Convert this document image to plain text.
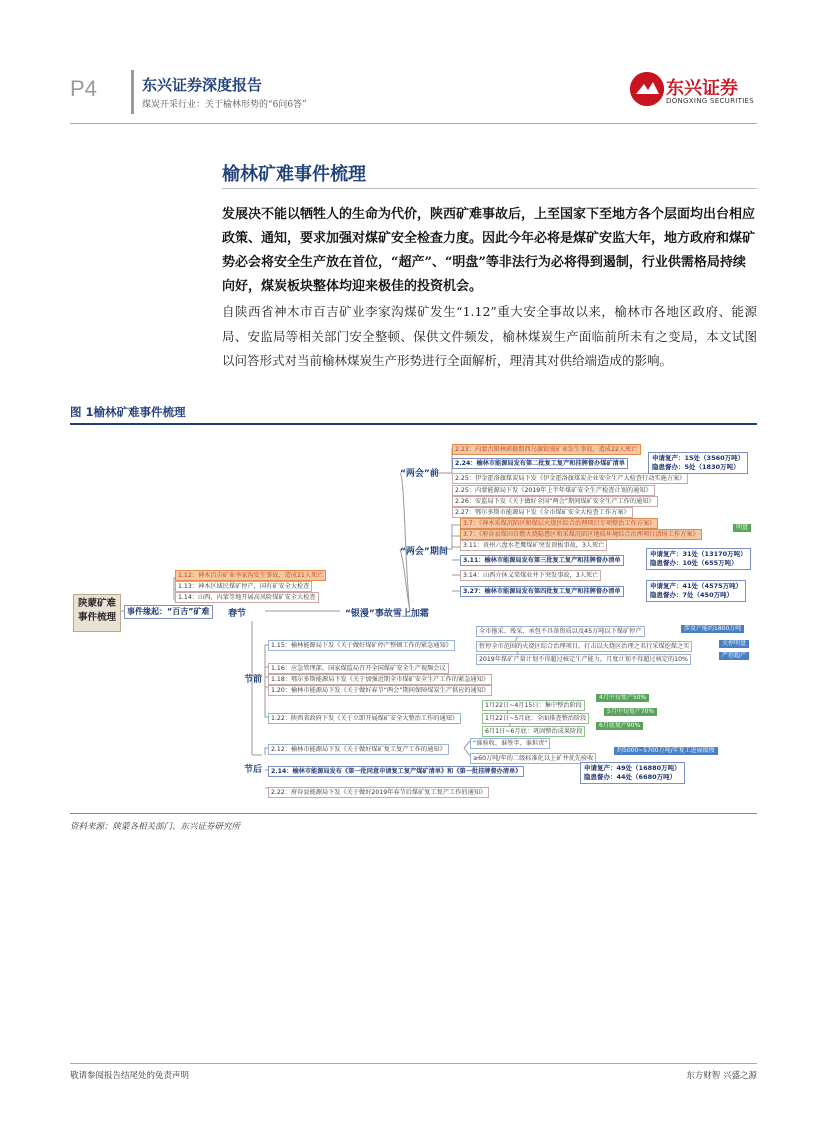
P4	东兴证券深度报告
煤炭开采行业：关于榆林形势的“6问6答”
东兴证券
DONGXING SECURITIES
榆林矿难事件梳理
发展决不能以牺牲人的生命为代价，陕西矿难事故后，上至国家下至地方各个层面均出台相应政策、通知，要求加强对煤矿安全检查力度。因此今年必将是煤矿安监大年，地方政府和煤矿势必会将安全生产放在首位，“超产”、“明盘”等非法行为必将得到遏制，行业供需格局持续向好，煤炭板块整体均迎来极佳的投资机会。
自陕西省神木市百吉矿业李家沟煤矿发生“1.12”重大安全事故以来，榆林市各地区政府、能源局、安监局等相关部门安全整顿、保供文件频发，榆林煤炭生产面临前所未有之变局，本文试图以问答形式对当前榆林煤炭生产形势进行全面解析，理清其对供给端造成的影响。
图 1榆林矿难事件梳理
陕蒙矿难事件梳理
事件缘起：“百吉”矿难	春节	“银漫”事故雪上加霜
1.12：神木百吉矿业李家沟发生事故，造成21人死亡
1.13：神木区域民煤矿停产，国有矿安全大检查
1.14：山西、内蒙等地开展高风险煤矿安全大检查
“两会”前
2.23：内蒙古锡林郭勒盟西乌旗银漫矿业发生事故，造成22人死亡
2.24：榆林市能源局发布第二批复工复产和挂牌督办煤矿清单
2.25：伊金霍洛旗煤炭局下发《伊金霍洛旗煤炭企业安全生产大检查行动实施方案》
2.25：内蒙能源局下发《2019年上半年煤矿安全生产检查计划的通知》
2.26：安监局下发《关于做好全国“两会”期间煤矿安全生产工作的通知》
2.27：鄂尔多斯市能源局下发《全市煤矿安全大检查工作方案》
申请复产：15处（3560万吨）
隐患督办：5处（1830万吨）
“两会”期间
3.7：《神木采煤沉陷区和煤层火烧区综合治理项目专项整治工作方案》
3.7：《府谷县煤田自燃火烧隐患区和采煤沉陷区地质环境综合治理项目清场工作方案》
明盘
3.11：贵州六盘水老鹰煤矿突发顶板事故，3人死亡
3.11：榆林市能源局发布第三批复工复产和挂牌督办清单
3.14：山西介休义棠煤业井下突发事故，3人死亡
3.27：榆林市能源局发布第四批复工复产和挂牌督办清单
申请复产：31处（13170万吨）
隐患督办：10处（655万吨）
申请复产：41处（4575万吨）
隐患督办：7处（450万吨）
节前
1.15：榆林能源局下发《关于做好煤矿停产整顿工作的紧急通知》
1.16：应急管理部、国家煤监局召开全国煤矿安全生产视频会议
1.18：鄂尔多斯能源局下发《关于加强近期全市煤矿安全生产工作的紧急通知》
1.20：榆林市能源局下发《关于做好春节“两会”期间保障煤炭生产供应的通知》
全市拖采、残采、承包不具备资质以及45万吨以下煤矿停产
暂停全市范围的火烧区综合治理项目，打击以火烧区治理之名行采煤挖煤之实
2019年煤矿产量计划不得超过核定生产能力，月度计划不得超过核定的10%
涉及产能约1800万吨
关停明盘
严控超产
1.22：陕西省政府下发《关于立即开展煤矿安全大整治工作的通知》
1月22日~4月15日：集中整治阶段
1月22日~5月底：全面排查整治阶段
6月1日~6月底：巩固整治成果阶段
4月中旬复产50%
5月中旬复产70%
6月底复产90%
节后
2.12：榆林市能源局下发《关于做好煤矿复工复产工作的通知》
“谁验收、谁签字、谁担责”
≥60万吨/年的二级标准化以上矿井优先验收
约5000~5700万吨/年复工进展缓慢
2.14：榆林市能源局发布《第一批同意申请复工复产煤矿清单》和《第一批挂牌督办清单》	申请复产：49处（16880万吨）
隐患督办：44处（6680万吨）
2.22：府谷县能源局下发《关于做好2019年春节后煤矿复工复产工作的通知》
资料来源：陕蒙各相关部门、东兴证券研究所
敬请参阅报告结尾处的免责声明	东方财智 兴盛之源
